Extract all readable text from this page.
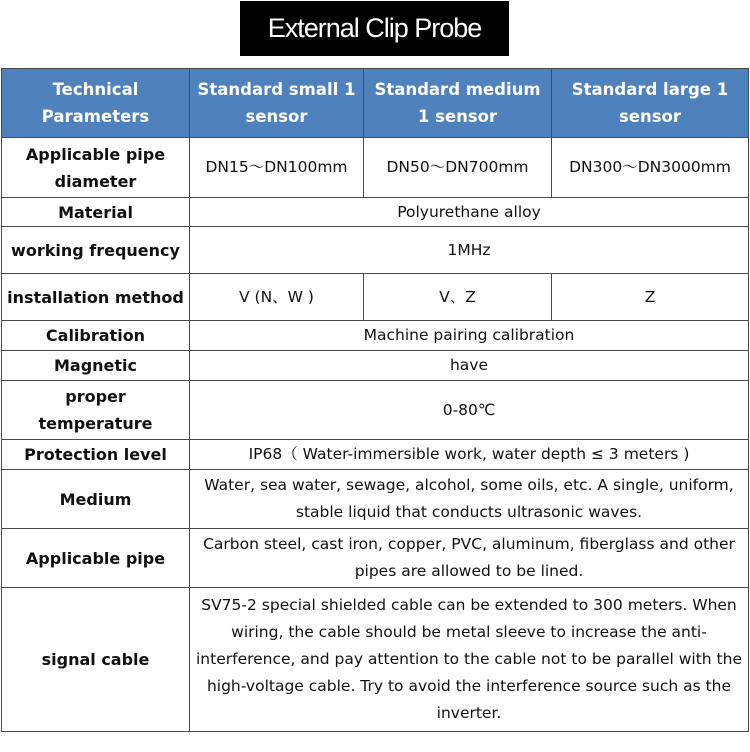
External Clip Probe
Technical Parameters	Standard small 1 sensor	Standard medium 1 sensor	Standard large 1 sensor
Applicable pipe diameter	DN15～DN100mm	DN50～DN700mm	DN300～DN3000mm
Material	Polyurethane alloy		
working frequency	1MHz		
installation method	V (N、W )	V、Z	Z
Calibration	Machine pairing calibration		
Magnetic	have		
proper temperature	0-80℃		
Protection level	IP68（ Water-immersible work, water depth ≤ 3 meters )		
Medium	Water, sea water, sewage, alcohol, some oils, etc. A single, uniform, stable liquid that conducts ultrasonic waves.		
Applicable pipe	Carbon steel, cast iron, copper, PVC, aluminum, fiberglass and other pipes are allowed to be lined.		
signal cable	SV75-2 special shielded cable can be extended to 300 meters. When wiring, the cable should be metal sleeve to increase the anti-interference, and pay attention to the cable not to be parallel with the high-voltage cable. Try to avoid the interference source such as the inverter.		
